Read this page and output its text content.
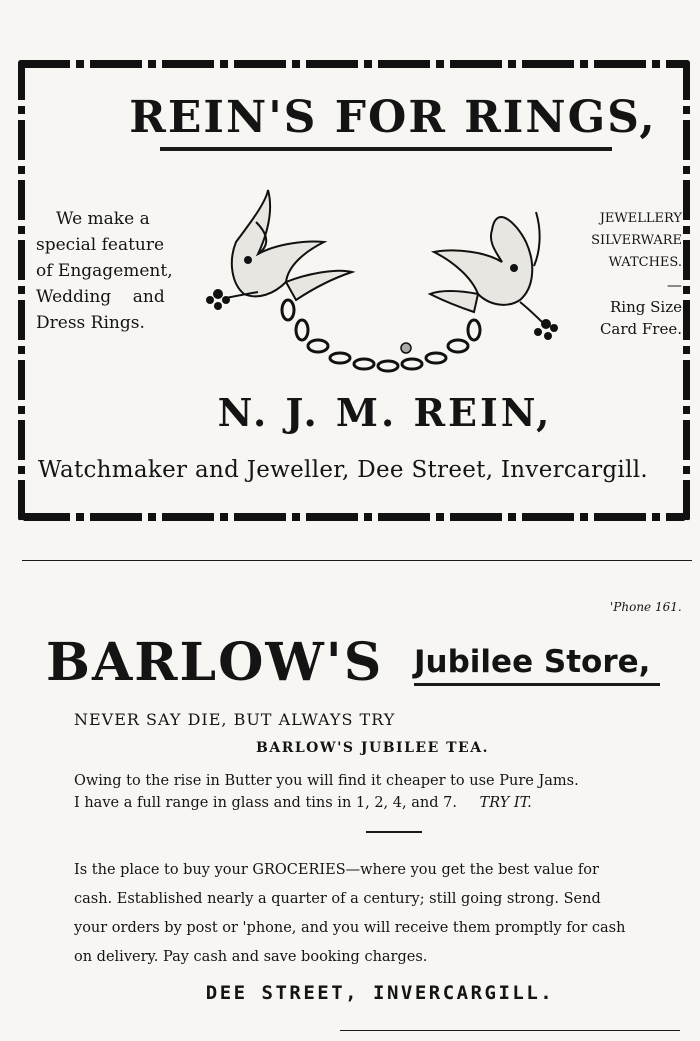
REIN'S FOR RINGS,
We make a
special feature
of Engagement,
Wedding    and
Dress Rings.
JEWELLERY
SILVERWARE
WATCHES.
—
Ring Size
Card Free.
N. J. M. REIN,
Watchmaker and Jeweller, Dee Street, Invercargill.
'Phone 161.
BARLOW'S Jubilee Store,
NEVER SAY DIE, BUT ALWAYS TRY
BARLOW'S JUBILEE TEA.
Owing to the rise in Butter you will find it cheaper to use Pure Jams.
I have a full range in glass and tins in 1, 2, 4, and 7. TRY IT.
Is the place to buy your GROCERIES—where you get the best value for
cash. Established nearly a quarter of a century; still going strong. Send
your orders by post or 'phone, and you will receive them promptly for cash
on delivery. Pay cash and save booking charges.
DEE STREET, INVERCARGILL.
